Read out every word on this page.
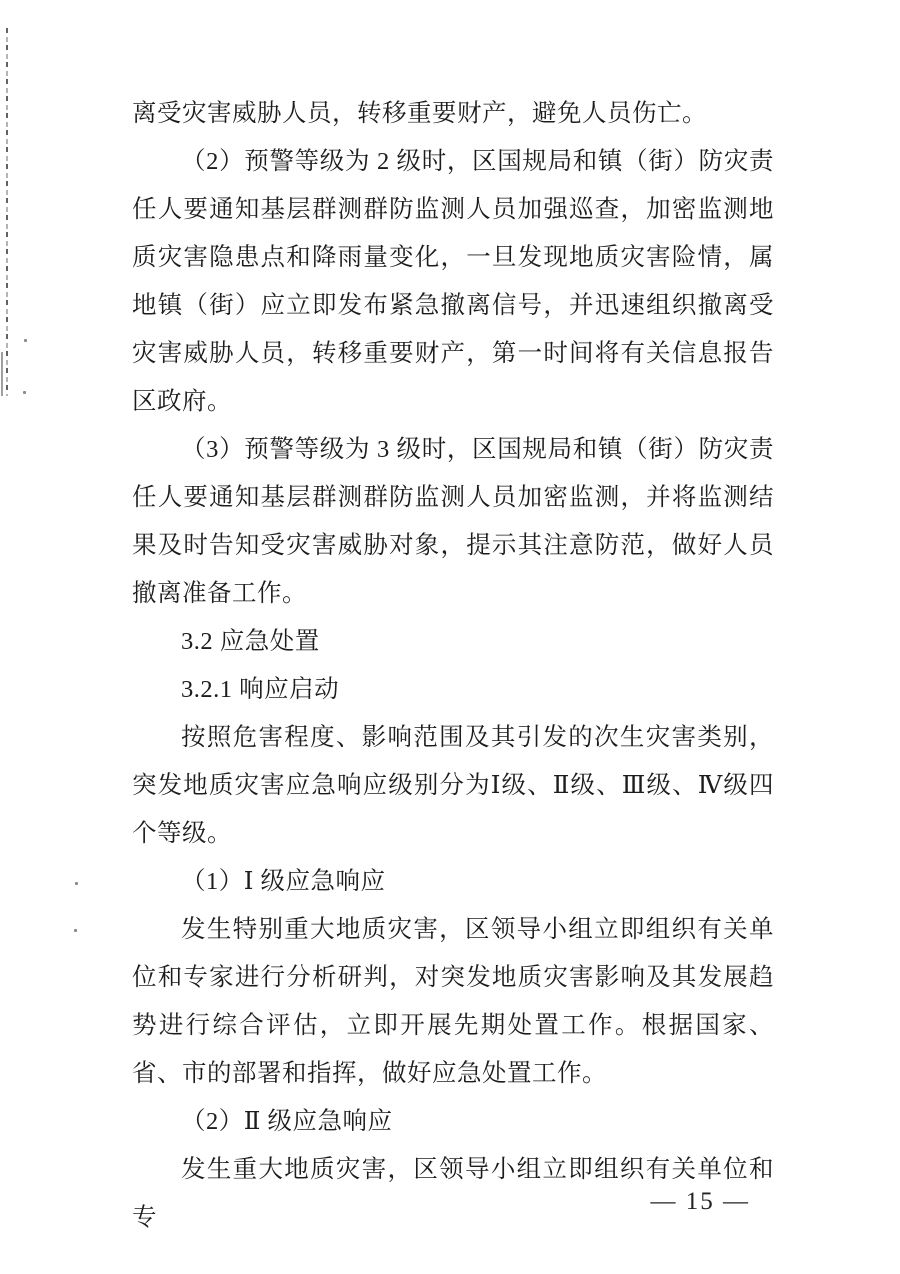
离受灾害威胁人员，转移重要财产，避免人员伤亡。

（2）预警等级为 2 级时，区国规局和镇（街）防灾责任人要通知基层群测群防监测人员加强巡查，加密监测地质灾害隐患点和降雨量变化，一旦发现地质灾害险情，属地镇（街）应立即发布紧急撤离信号，并迅速组织撤离受灾害威胁人员，转移重要财产，第一时间将有关信息报告区政府。

（3）预警等级为 3 级时，区国规局和镇（街）防灾责任人要通知基层群测群防监测人员加密监测，并将监测结果及时告知受灾害威胁对象，提示其注意防范，做好人员撤离准备工作。

3.2 应急处置

3.2.1 响应启动

按照危害程度、影响范围及其引发的次生灾害类别，突发地质灾害应急响应级别分为Ⅰ级、Ⅱ级、Ⅲ级、Ⅳ级四个等级。

（1）Ⅰ 级应急响应

发生特别重大地质灾害，区领导小组立即组织有关单位和专家进行分析研判，对突发地质灾害影响及其发展趋势进行综合评估，立即开展先期处置工作。根据国家、省、市的部署和指挥，做好应急处置工作。

（2）Ⅱ 级应急响应

发生重大地质灾害，区领导小组立即组织有关单位和专

— 15 —
